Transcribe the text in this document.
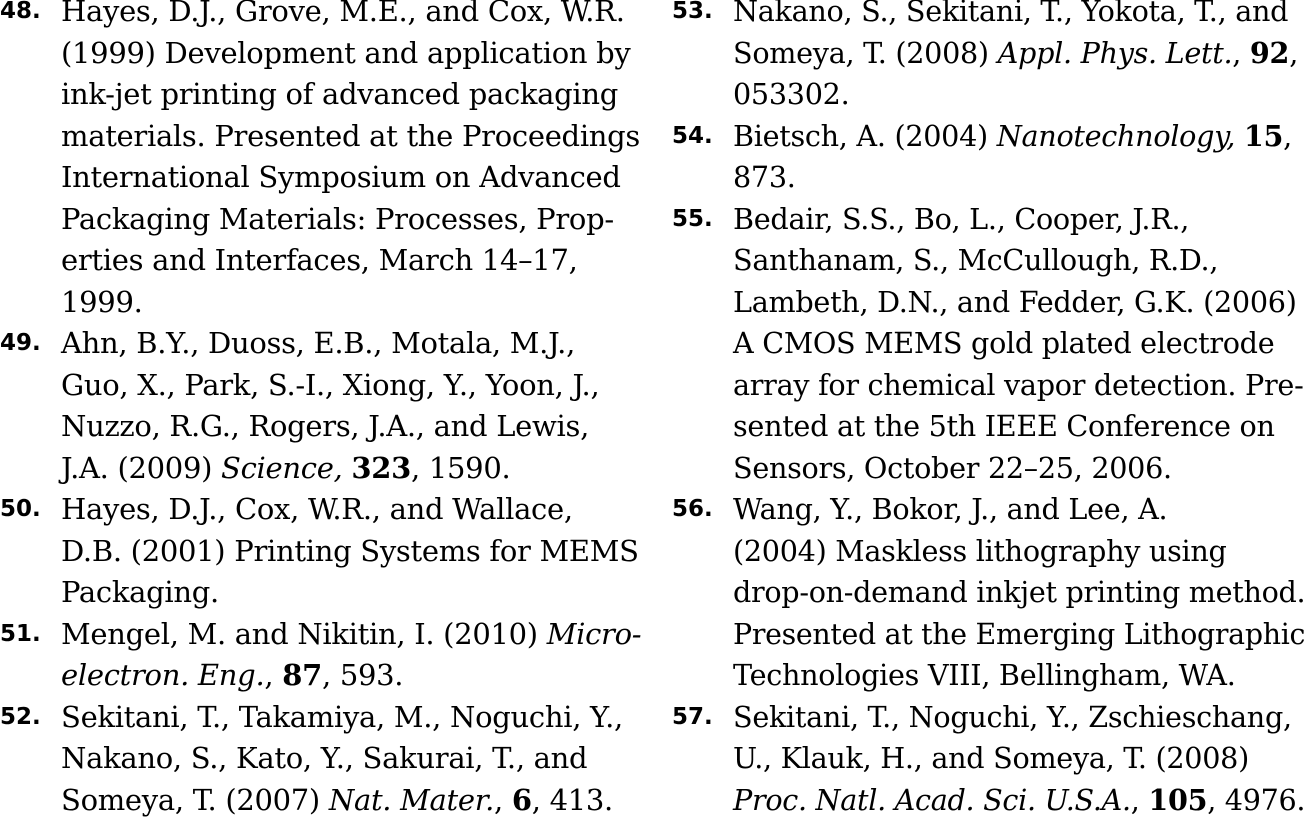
48. Hayes, D.J., Grove, M.E., and Cox, W.R.
(1999) Development and application by
ink-jet printing of advanced packaging
materials. Presented at the Proceedings
International Symposium on Advanced
Packaging Materials: Processes, Prop-
erties and Interfaces, March 14–17,
1999.
49. Ahn, B.Y., Duoss, E.B., Motala, M.J.,
Guo, X., Park, S.-I., Xiong, Y., Yoon, J.,
Nuzzo, R.G., Rogers, J.A., and Lewis,
J.A. (2009) Science, 323, 1590.
50. Hayes, D.J., Cox, W.R., and Wallace,
D.B. (2001) Printing Systems for MEMS
Packaging.
51. Mengel, M. and Nikitin, I. (2010) Micro-
electron. Eng., 87, 593.
52. Sekitani, T., Takamiya, M., Noguchi, Y.,
Nakano, S., Kato, Y., Sakurai, T., and
Someya, T. (2007) Nat. Mater., 6, 413.
53. Nakano, S., Sekitani, T., Yokota, T., and
Someya, T. (2008) Appl. Phys. Lett., 92,
053302.
54. Bietsch, A. (2004) Nanotechnology, 15,
873.
55. Bedair, S.S., Bo, L., Cooper, J.R.,
Santhanam, S., McCullough, R.D.,
Lambeth, D.N., and Fedder, G.K. (2006)
A CMOS MEMS gold plated electrode
array for chemical vapor detection. Pre-
sented at the 5th IEEE Conference on
Sensors, October 22–25, 2006.
56. Wang, Y., Bokor, J., and Lee, A.
(2004) Maskless lithography using
drop-on-demand inkjet printing method.
Presented at the Emerging Lithographic
Technologies VIII, Bellingham, WA.
57. Sekitani, T., Noguchi, Y., Zschieschang,
U., Klauk, H., and Someya, T. (2008)
Proc. Natl. Acad. Sci. U.S.A., 105, 4976.
